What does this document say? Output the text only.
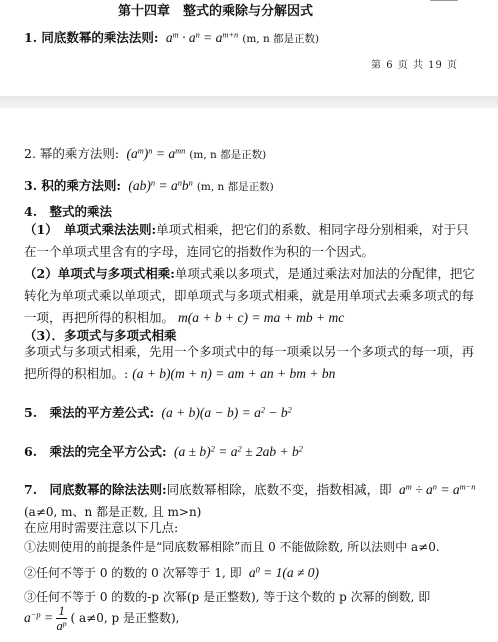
第十四章　整式的乘除与分解因式
1. 同底数幂的乘法法则:  $a^m \cdot a^n = a^{m+n}$ (m, n 都是正数)
第 6 页 共 19 页
2. 幂的乘方法则:  $(a^m)^n = a^{mn}$ (m, n 都是正数)
3. 积的乘方法则:  $(ab)^n = a^nb^n$ (m, n 都是正数)
4.　整式的乘法
（1）　单项式乘法法则:单项式相乘，把它们的系数、相同字母分别相乘，对于只在一个单项式里含有的字母，连同它的指数作为积的一个因式。
（2）单项式与多项式相乘:单项式乘以多项式，是通过乘法对加法的分配律，把它转化为单项式乘以单项式，即单项式与多项式相乘，就是用单项式去乘多项式的每一项，再把所得的积相加。 m(a + b + c) = ma + mb + mc
（3）．多项式与多项式相乘
多项式与多项式相乘，先用一个多项式中的每一项乘以另一个多项式的每一项，再把所得的积相加。: (a + b)(m + n) = am + an + bm + bn
5.　乘法的平方差公式:  $(a + b)(a - b) = a^2 - b^2$
6.　乘法的完全平方公式:  $(a \pm b)^2 = a^2 \pm 2ab + b^2$
7.　同底数幂的除法法则:同底数幂相除，底数不变，指数相减，即  $a^m \div a^n = a^{m-n}$
(a≠0, m、n 都是正数, 且 m>n)
在应用时需要注意以下几点:
①法则使用的前提条件是“同底数幂相除”而且 0 不能做除数, 所以法则中 a≠0.
②任何不等于 0 的数的 0 次幂等于 1, 即  $a^0 = 1(a \ne 0)$
③任何不等于 0 的数的-p 次幂(p 是正整数), 等于这个数的 p 次幂的倒数, 即
$a^{-p} = \frac{1}{a^p}$ ( a≠0, p 是正整数),
